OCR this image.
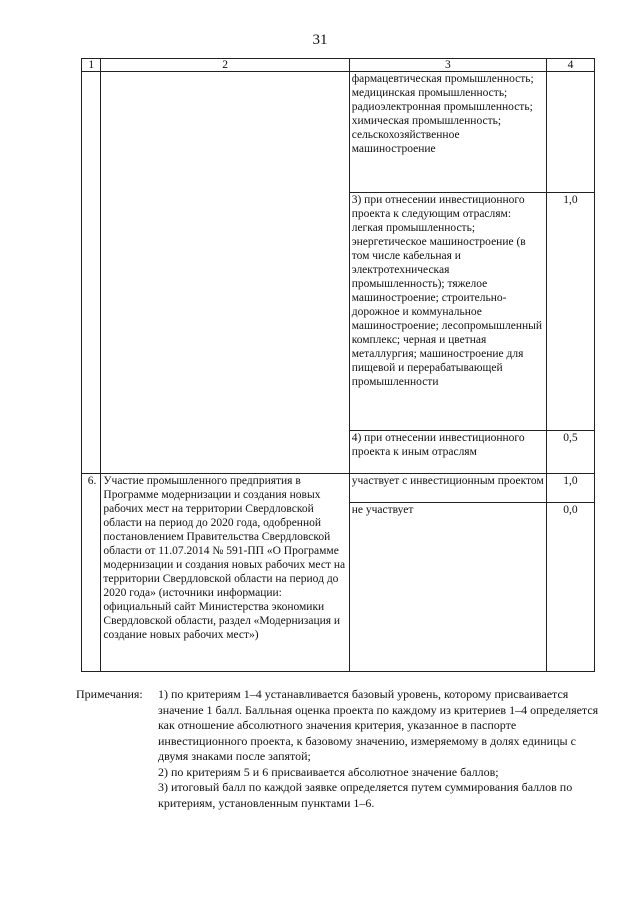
31
1	2	3	4
		фармацевтическая промышленность; медицинская промышленность; радиоэлектронная промышленность; химическая промышленность; сельскохозяйственное машиностроение	
		3) при отнесении инвестиционного проекта к следующим отраслям: легкая промышленность; энергетическое машиностроение (в том числе кабельная и электротехническая промышленность); тяжелое машиностроение; строительно-дорожное и коммунальное машиностроение; лесопромышленный комплекс; черная и цветная металлургия; машиностроение для пищевой и перерабатывающей промышленности	1,0
		4) при отнесении инвестиционного проекта к иным отраслям	0,5
6.	Участие промышленного предприятия в Программе модернизации и создания новых рабочих мест на территории Свердловской области на период до 2020 года, одобренной постановлением Правительства Свердловской области от 11.07.2014 № 591-ПП «О Программе модернизации и создания новых рабочих мест на территории Свердловской области на период до 2020 года» (источники информации: официальный сайт Министерства экономики Свердловской области, раздел «Модернизация и создание новых рабочих мест»)	участвует с инвестиционным проектом	1,0
		не участвует	0,0
Примечания: 1) по критериям 1–4 устанавливается базовый уровень, которому присваивается значение 1 балл. Балльная оценка проекта по каждому из критериев 1–4 определяется как отношение абсолютного значения критерия, указанное в паспорте инвестиционного проекта, к базовому значению, измеряемому в долях единицы с двумя знаками после запятой;

2) по критериям 5 и 6 присваивается абсолютное значение баллов;

3) итоговый балл по каждой заявке определяется путем суммирования баллов по критериям, установленным пунктами 1–6.
